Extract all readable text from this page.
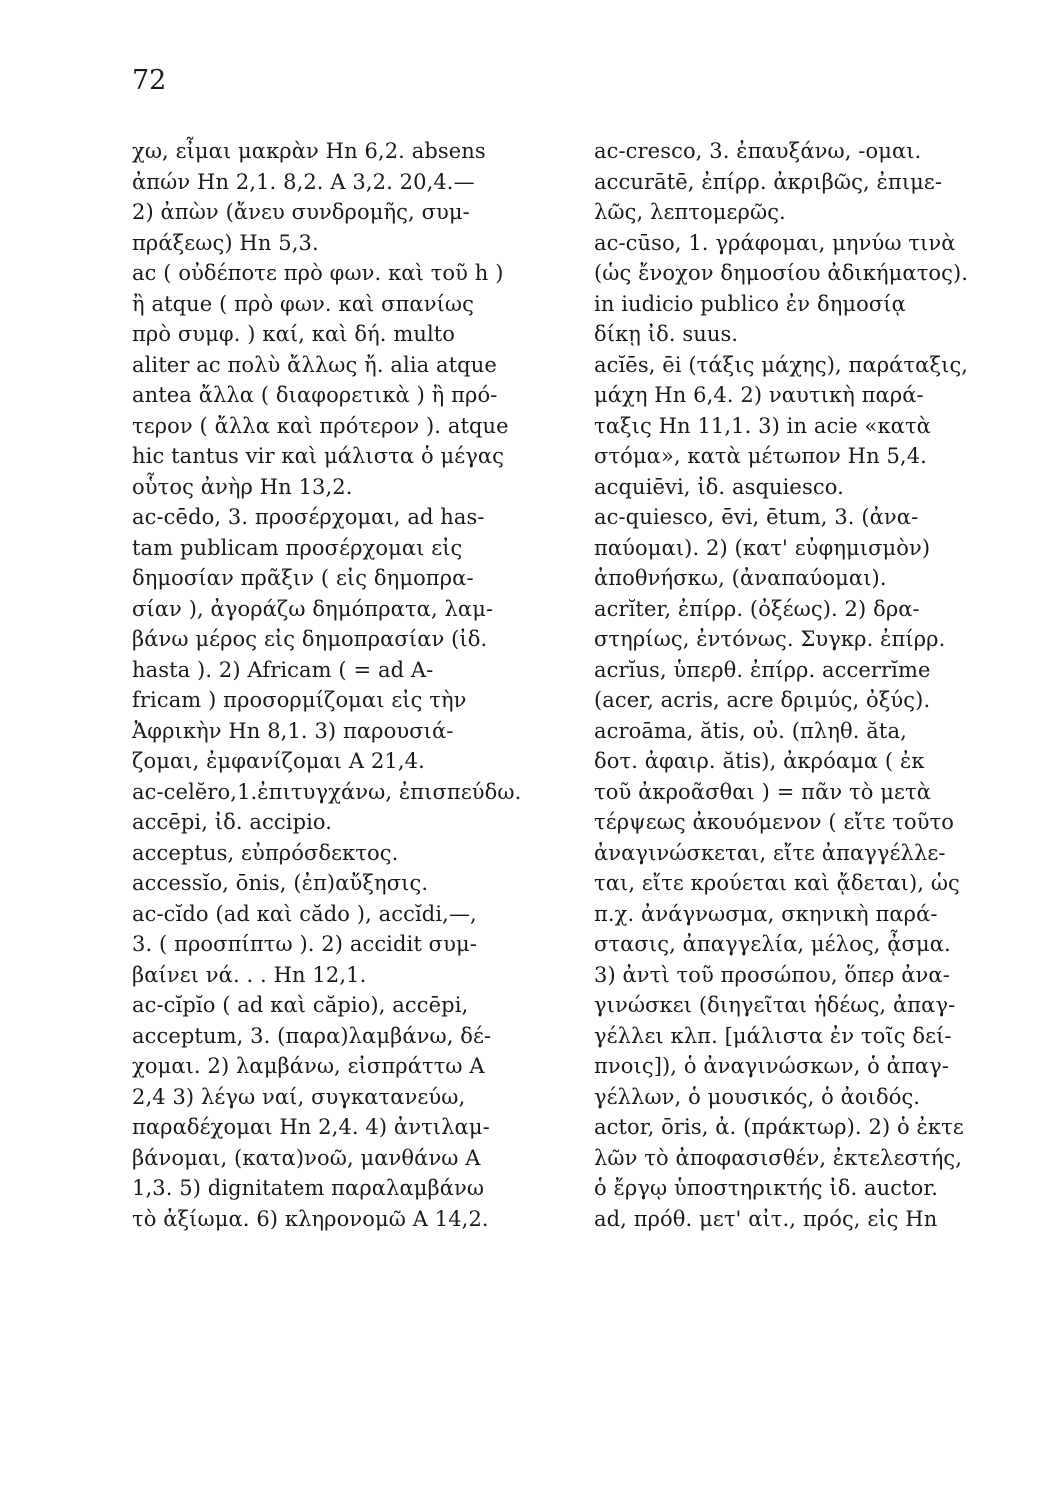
72
χω, εἶμαι μακρὰν Hn 6,2. absens
ἀπών Hn 2,1. 8,2. A 3,2. 20,4.—
2) ἀπὼν (ἄνευ συνδρομῆς, συμ-
πράξεως) Hn 5,3.
ac ( οὐδέποτε πρὸ φων. καὶ τοῦ h )
ἢ atque ( πρὸ φων. καὶ σπανίως
πρὸ συμφ. ) καί, καὶ δή. multo
aliter ac πολὺ ἄλλως ἤ. alia atque
antea ἄλλα ( διαφορετικὰ ) ἢ πρό-
τερον ( ἄλλα καὶ πρότερον ). atque
hic tantus vir καὶ μάλιστα ὁ μέγας
οὗτος ἀνὴρ Hn 13,2.
ac-cēdo, 3. προσέρχομαι, ad has-
tam publicam προσέρχομαι εἰς
δημοσίαν πρᾶξιν ( εἰς δημοπρα-
σίαν ), ἀγοράζω δημόπρατα, λαμ-
βάνω μέρος εἰς δημοπρασίαν (ἰδ.
hasta ). 2) Africam ( = ad A-
fricam ) προσορμίζομαι εἰς τὴν
Ἀφρικὴν Hn 8,1. 3) παρουσιά-
ζομαι, ἐμφανίζομαι A 21,4.
ac-celĕro,1.ἐπιτυγχάνω, ἐπισπεύδω.
accēpi, ἰδ. accipio.
acceptus, εὐπρόσδεκτος.
accessĭo, ōnis, (ἐπ)αὔξησις.
ac-cĭdo (ad καὶ cădo ), accĭdi,—,
3. ( προσπίπτω ). 2) accidit συμ-
βαίνει νά. . . Hn 12,1.
ac-cĭpĭo ( ad καὶ căpio), accēpi,
acceptum, 3. (παρα)λαμβάνω, δέ-
χομαι. 2) λαμβάνω, εἰσπράττω A
2,4 3) λέγω ναί, συγκατανεύω,
παραδέχομαι Hn 2,4. 4) ἀντιλαμ-
βάνομαι, (κατα)νοῶ, μανθάνω A
1,3. 5) dignitatem παραλαμβάνω
τὸ ἀξίωμα. 6) κληρονομῶ A 14,2.
ac-cresco, 3. ἐπαυξάνω, -ομαι.
accurātē, ἐπίρρ. ἀκριβῶς, ἐπιμε-
λῶς, λεπτομερῶς.
ac-cūso, 1. γράφομαι, μηνύω τινὰ
(ὡς ἔνοχον δημοσίου ἀδικήματος).
in iudicio publico ἐν δημοσίᾳ
δίκῃ ἰδ. suus.
acĭēs, ēi (τάξις μάχης), παράταξις,
μάχη Hn 6,4. 2) ναυτικὴ παρά-
ταξις Hn 11,1. 3) in acie «κατὰ
στόμα», κατὰ μέτωπον Hn 5,4.
acquiēvi, ἰδ. asquiesco.
ac-quiesco, ēvi, ētum, 3. (ἀνα-
παύομαι). 2) (κατ' εὐφημισμὸν)
ἀποθνήσκω, (ἀναπαύομαι).
acrĭter, ἐπίρρ. (ὀξέως). 2) δρα-
στηρίως, ἐντόνως. Συγκρ. ἐπίρρ.
acrĭus, ὑπερθ. ἐπίρρ. accerrĭme
(acer, acris, acre δριμύς, ὀξύς).
acroāma, ătis, οὐ. (πληθ. ăta,
δοτ. ἀφαιρ. ătis), ἀκρόαμα ( ἐκ
τοῦ ἀκροᾶσθαι ) = πᾶν τὸ μετὰ
τέρψεως ἀκουόμενον ( εἴτε τοῦτο
ἀναγινώσκεται, εἴτε ἀπαγγέλλε-
ται, εἴτε κρούεται καὶ ᾄδεται), ὡς
π.χ. ἀνάγνωσμα, σκηνικὴ παρά-
στασις, ἀπαγγελία, μέλος, ᾆσμα.
3) ἀντὶ τοῦ προσώπου, ὅπερ ἀνα-
γινώσκει (διηγεῖται ἡδέως, ἀπαγ-
γέλλει κλπ. [μάλιστα ἐν τοῖς δεί-
πνοις]), ὁ ἀναγινώσκων, ὁ ἀπαγ-
γέλλων, ὁ μουσικός, ὁ ἀοιδός.
actor, ōris, ἀ. (πράκτωρ). 2) ὁ ἐκτε
λῶν τὸ ἀποφασισθέν, ἐκτελεστής,
ὁ ἔργῳ ὑποστηρικτής ἰδ. auctor.
ad, πρόθ. μετ' αἰτ., πρός, εἰς Hn
